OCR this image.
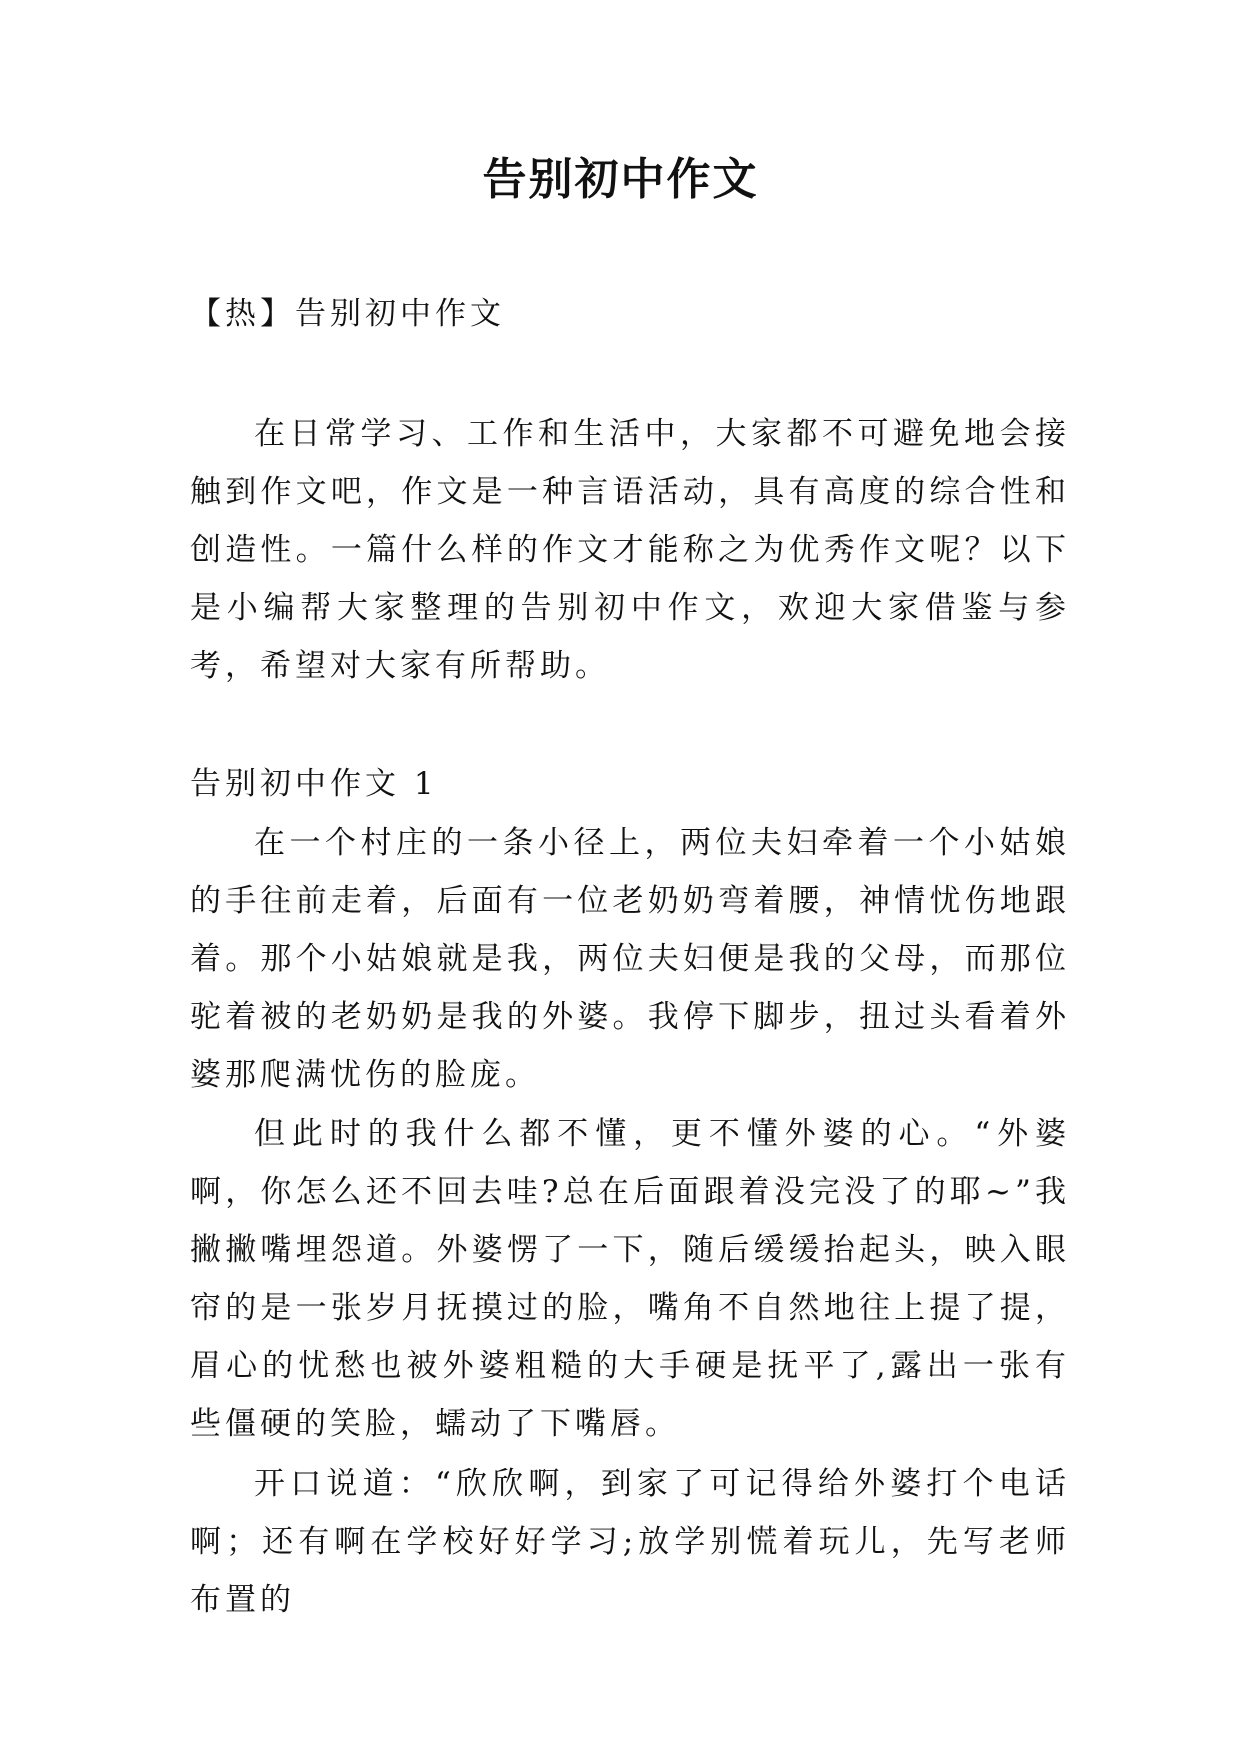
告别初中作文
【热】告别初中作文
在日常学习、工作和生活中，大家都不可避免地会接触到作文吧，作文是一种言语活动，具有高度的综合性和创造性。一篇什么样的作文才能称之为优秀作文呢？以下是小编帮大家整理的告别初中作文，欢迎大家借鉴与参考，希望对大家有所帮助。
告别初中作文 1
在一个村庄的一条小径上，两位夫妇牵着一个小姑娘的手往前走着，后面有一位老奶奶弯着腰，神情忧伤地跟着。那个小姑娘就是我，两位夫妇便是我的父母，而那位驼着被的老奶奶是我的外婆。我停下脚步，扭过头看着外婆那爬满忧伤的脸庞。
但此时的我什么都不懂，更不懂外婆的心。“外婆啊，你怎么还不回去哇?总在后面跟着没完没了的耶~”我撇撇嘴埋怨道。外婆愣了一下，随后缓缓抬起头，映入眼帘的是一张岁月抚摸过的脸，嘴角不自然地往上提了提，眉心的忧愁也被外婆粗糙的大手硬是抚平了,露出一张有些僵硬的笑脸，蠕动了下嘴唇。
开口说道：“欣欣啊，到家了可记得给外婆打个电话啊；还有啊在学校好好学习;放学别慌着玩儿，先写老师布置的
